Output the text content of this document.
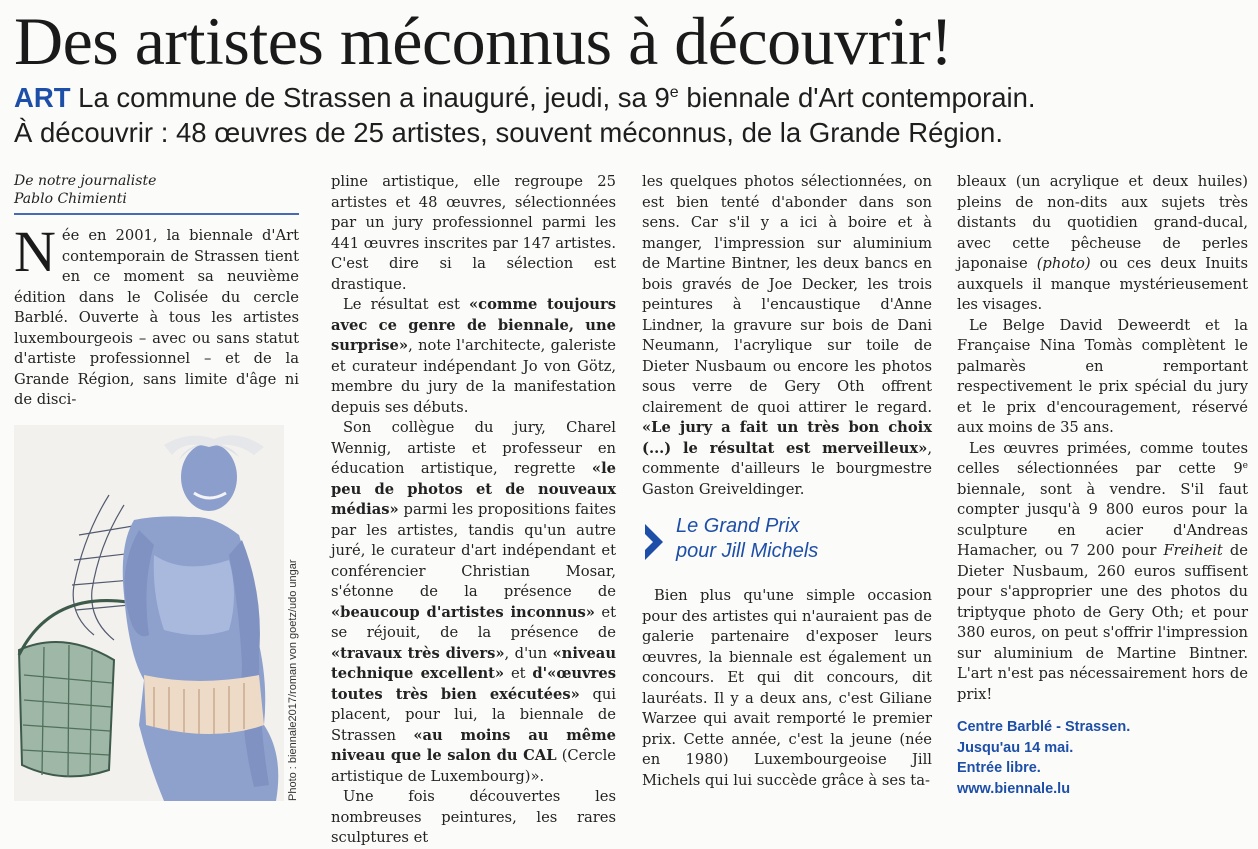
Des artistes méconnus à découvrir!
ART La commune de Strassen a inauguré, jeudi, sa 9e biennale d'Art contemporain.
À découvrir : 48 œuvres de 25 artistes, souvent méconnus, de la Grande Région.
De notre journaliste
Pablo Chimienti

Née en 2001, la biennale d'Art contemporain de Strassen tient en ce moment sa neuvième édition dans le Colisée du cercle Barblé. Ouverte à tous les artistes luxembourgeois – avec ou sans statut d'artiste professionnel – et de la Grande Région, sans limite d'âge ni de disci-

Photo : biennale2017/roman von goetz/udo ungar

pline artistique, elle regroupe 25 artistes et 48 œuvres, sélectionnées par un jury professionnel parmi les 441 œuvres inscrites par 147 artistes. C'est dire si la sélection est drastique.

Le résultat est «comme toujours avec ce genre de biennale, une surprise», note l'architecte, galeriste et curateur indépendant Jo von Götz, membre du jury de la manifestation depuis ses débuts.

Son collègue du jury, Charel Wennig, artiste et professeur en éducation artistique, regrette «le peu de photos et de nouveaux médias» parmi les propositions faites par les artistes, tandis qu'un autre juré, le curateur d'art indépendant et conférencier Christian Mosar, s'étonne de la présence de «beaucoup d'artistes inconnus» et se réjouit, de la présence de «travaux très divers», d'un «niveau technique excellent» et d'«œuvres toutes très bien exécutées» qui placent, pour lui, la biennale de Strassen «au moins au même niveau que le salon du CAL (Cercle artistique de Luxembourg)».

Une fois découvertes les nombreuses peintures, les rares sculptures et

les quelques photos sélectionnées, on est bien tenté d'abonder dans son sens. Car s'il y a ici à boire et à manger, l'impression sur aluminium de Martine Bintner, les deux bancs en bois gravés de Joe Decker, les trois peintures à l'encaustique d'Anne Lindner, la gravure sur bois de Dani Neumann, l'acrylique sur toile de Dieter Nusbaum ou encore les photos sous verre de Gery Oth offrent clairement de quoi attirer le regard. «Le jury a fait un très bon choix (...) le résultat est merveilleux», commente d'ailleurs le bourgmestre Gaston Greiveldinger.

Le Grand Prix
pour Jill Michels

Bien plus qu'une simple occasion pour des artistes qui n'auraient pas de galerie partenaire d'exposer leurs œuvres, la biennale est également un concours. Et qui dit concours, dit lauréats. Il y a deux ans, c'est Giliane Warzee qui avait remporté le premier prix. Cette année, c'est la jeune (née en 1980) Luxembourgeoise Jill Michels qui lui succède grâce à ses ta-

bleaux (un acrylique et deux huiles) pleins de non-dits aux sujets très distants du quotidien grand-ducal, avec cette pêcheuse de perles japonaise (photo) ou ces deux Inuits auxquels il manque mystérieusement les visages.

Le Belge David Deweerdt et la Française Nina Tomàs complètent le palmarès en remportant respectivement le prix spécial du jury et le prix d'encouragement, réservé aux moins de 35 ans.

Les œuvres primées, comme toutes celles sélectionnées par cette 9e biennale, sont à vendre. S'il faut compter jusqu'à 9 800 euros pour la sculpture en acier d'Andreas Hamacher, ou 7 200 pour Freiheit de Dieter Nusbaum, 260 euros suffisent pour s'approprier une des photos du triptyque photo de Gery Oth; et pour 380 euros, on peut s'offrir l'impression sur aluminium de Martine Bintner. L'art n'est pas nécessairement hors de prix!

Centre Barblé - Strassen.
Jusqu'au 14 mai.
Entrée libre.
www.biennale.lu
